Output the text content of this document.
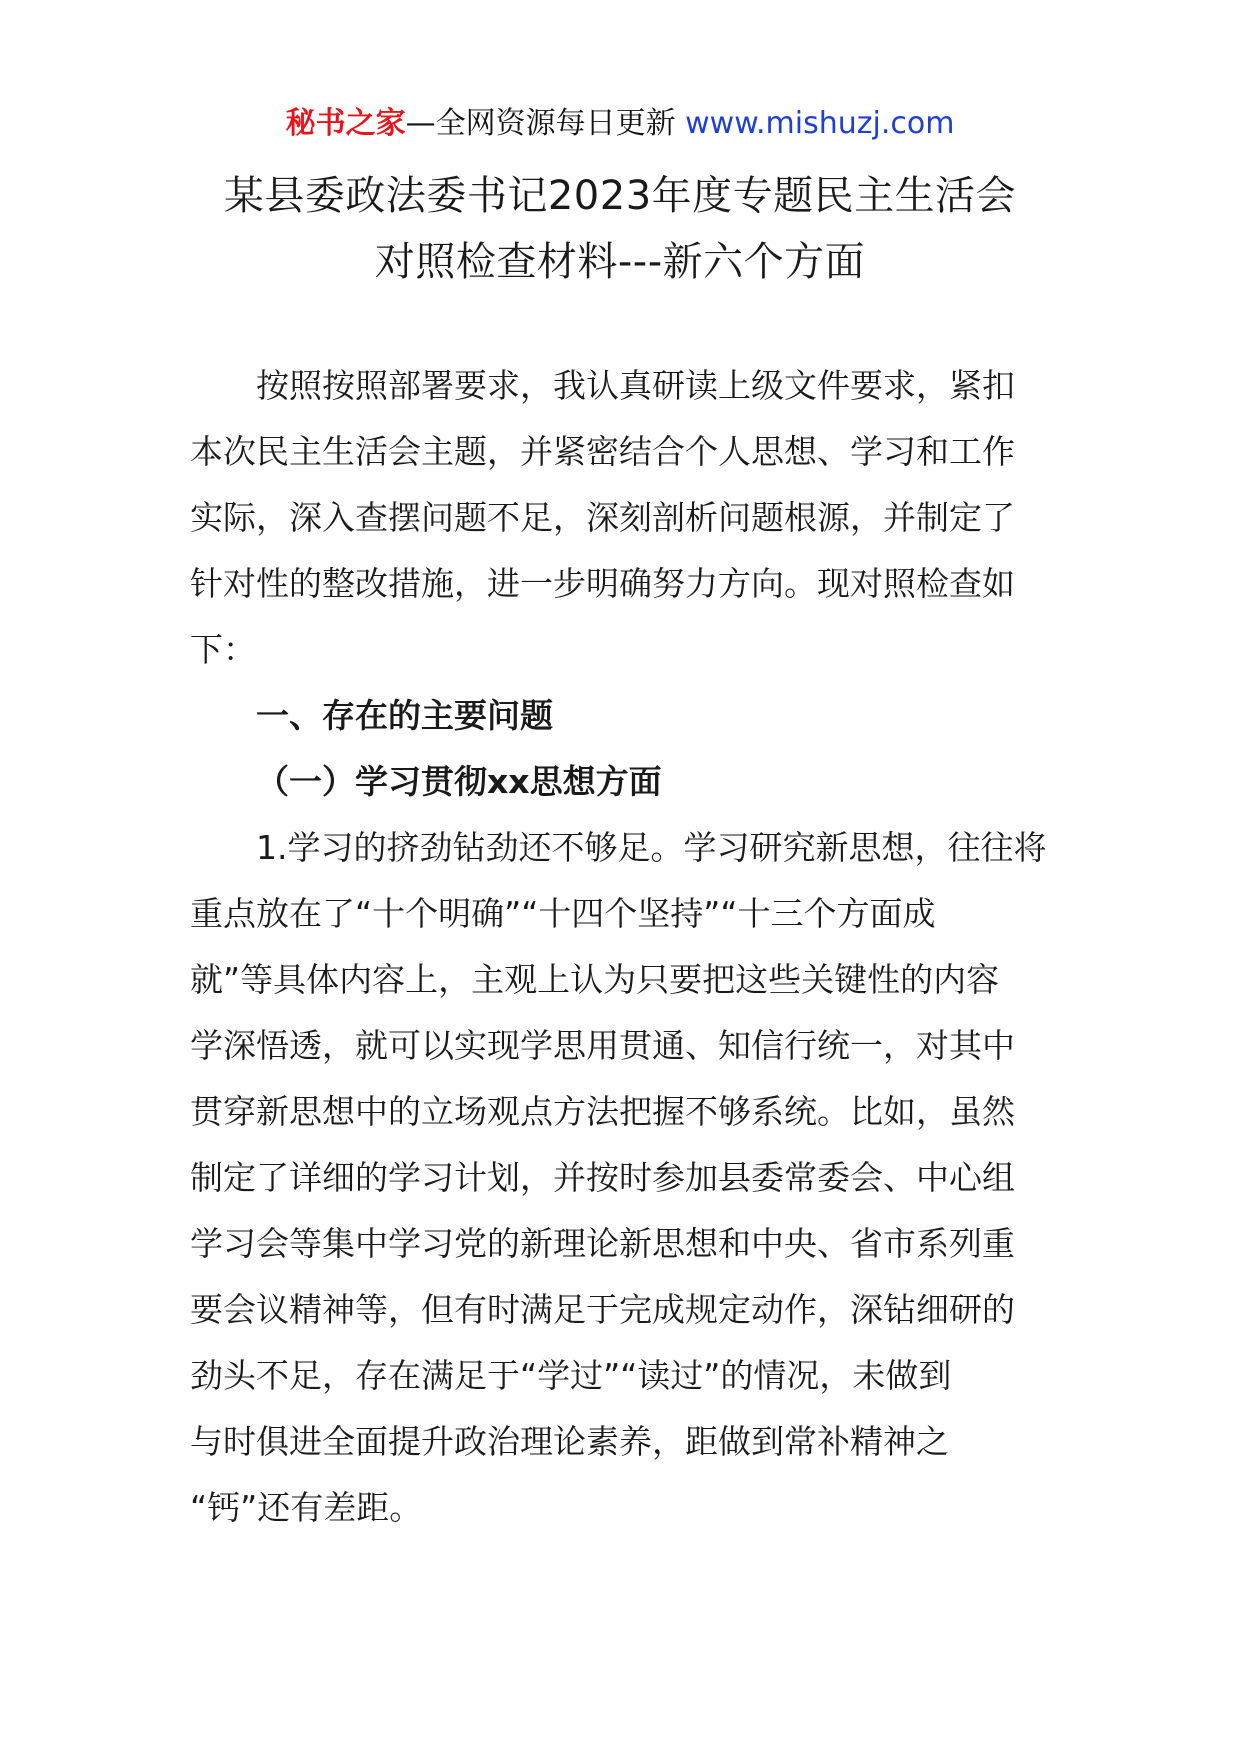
秘书之家—全网资源每日更新 www.mishuzj.com
某县委政法委书记2023年度专题民主生活会
对照检查材料---新六个方面
按照按照部署要求，我认真研读上级文件要求，紧扣
本次民主生活会主题，并紧密结合个人思想、学习和工作
实际，深入查摆问题不足，深刻剖析问题根源，并制定了
针对性的整改措施，进一步明确努力方向。现对照检查如
下：
一、存在的主要问题
（一）学习贯彻xx思想方面
1.学习的挤劲钻劲还不够足。学习研究新思想，往往将
重点放在了“十个明确”“十四个坚持”“十三个方面成
就”等具体内容上，主观上认为只要把这些关键性的内容
学深悟透，就可以实现学思用贯通、知信行统一，对其中
贯穿新思想中的立场观点方法把握不够系统。比如，虽然
制定了详细的学习计划，并按时参加县委常委会、中心组
学习会等集中学习党的新理论新思想和中央、省市系列重
要会议精神等，但有时满足于完成规定动作，深钻细研的
劲头不足，存在满足于“学过”“读过”的情况，未做到
与时俱进全面提升政治理论素养，距做到常补精神之
“钙”还有差距。
